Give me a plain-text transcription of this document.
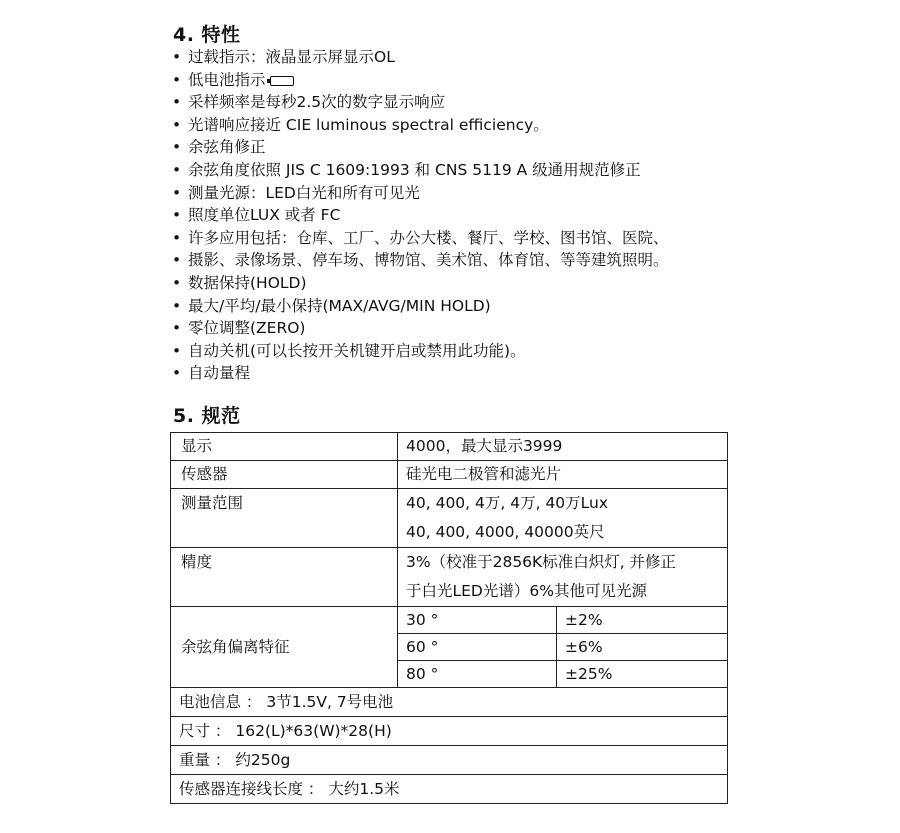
4. 特性
• 过载指示：液晶显示屏显示OL
• 低电池指示
• 采样频率是每秒2.5次的数字显示响应
• 光谱响应接近 CIE luminous spectral efficiency。
• 余弦角修正
• 余弦角度依照 JIS C 1609:1993 和 CNS 5119 A 级通用规范修正
• 测量光源：LED白光和所有可见光
• 照度单位LUX 或者 FC
• 许多应用包括：仓库、工厂、办公大楼、餐厅、学校、图书馆、医院、
• 摄影、录像场景、停车场、博物馆、美术馆、体育馆、等等建筑照明。
• 数据保持(HOLD)
• 最大/平均/最小保持(MAX/AVG/MIN HOLD)
• 零位调整(ZERO)
• 自动关机(可以长按开关机键开启或禁用此功能)。
• 自动量程
5. 规范
显示	4000，最大显示3999	
传感器	硅光电二极管和滤光片	

测量范围	40, 400, 4万, 4万, 40万Lux
40, 400, 4000, 40000英尺	

精度	3%（校准于2856K标准白炽灯, 并修正
于白光LED光谱）6%其他可见光源	

余弦角偏离特征	30 °	±2%
	60 °	±6%
	80 °	±25%
电池信息 ： 3节1.5V, 7号电池		
尺寸 ： 162(L)*63(W)*28(H)		
重量 ： 约250g		
传感器连接线长度 ： 大约1.5米		
